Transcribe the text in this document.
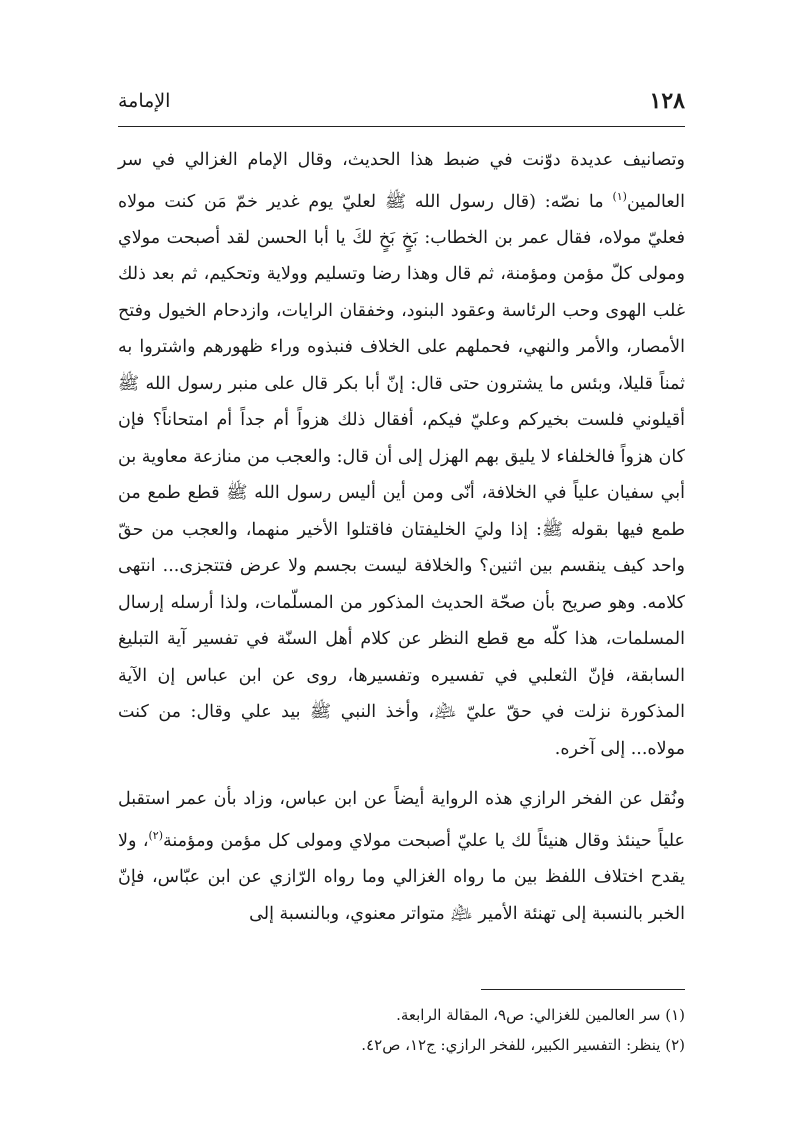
١٢٨
الإمامة

وتصانيف عديدة دوّنت في ضبط هذا الحديث، وقال الإمام الغزالي في سر العالمين$^{(١)}$ ما نصّه: (قال رسول الله ﷺ لعليّ يوم غدير خمّ مَن كنت مولاه فعليّ مولاه، فقال عمر بن الخطاب: بَخٍ بَخٍ لكَ يا أبا الحسن لقد أصبحت مولاي ومولى كلّ مؤمن ومؤمنة، ثم قال وهذا رضا وتسليم وولاية وتحكيم، ثم بعد ذلك غلب الهوى وحب الرئاسة وعقود البنود، وخفقان الرايات، وازدحام الخيول وفتح الأمصار، والأمر والنهي، فحملهم على الخلاف فنبذوه وراء ظهورهم واشتروا به ثمناً قليلا، وبئس ما يشترون حتى قال: إنّ أبا بكر قال على منبر رسول الله ﷺ أقيلوني فلست بخيركم وعليّ فيكم، أفقال ذلك هزواً أم جداً أم امتحاناً؟ فإن كان هزواً فالخلفاء لا يليق بهم الهزل إلى أن قال: والعجب من منازعة معاوية بن أبي سفيان علياً في الخلافة، أنّى ومن أين أليس رسول الله ﷺ قطع طمع من طمع فيها بقوله ﷺ: إذا وليَ الخليفتان فاقتلوا الأخير منهما، والعجب من حقّ واحد كيف ينقسم بين اثنين؟ والخلافة ليست بجسم ولا عرض فتتجزى... انتهى كلامه. وهو صريح بأن صحّة الحديث المذكور من المسلّمات، ولذا أرسله إرسال المسلمات، هذا كلّه مع قطع النظر عن كلام أهل السنّة في تفسير آية التبليغ السابقة، فإنّ الثعلبي في تفسيره وتفسيرها، روى عن ابن عباس إن الآية المذكورة نزلت في حقّ عليّ ﵇، وأخذ النبي ﷺ بيد علي وقال: من كنت مولاه... إلى آخره.

ونُقل عن الفخر الرازي هذه الرواية أيضاً عن ابن عباس، وزاد بأن عمر استقبل علياً حينئذ وقال هنيئاً لك يا عليّ أصبحت مولاي ومولى كل مؤمن ومؤمنة$^{(٢)}$، ولا يقدح اختلاف اللفظ بين ما رواه الغزالي وما رواه الرّازي عن ابن عبّاس، فإنّ الخبر بالنسبة إلى تهنئة الأمير ﵇ متواتر معنوي، وبالنسبة إلى

(١) سر العالمين للغزالي: ص٩، المقالة الرابعة.
(٢) ينظر: التفسير الكبير، للفخر الرازي: ج١٢، ص٤٢.
